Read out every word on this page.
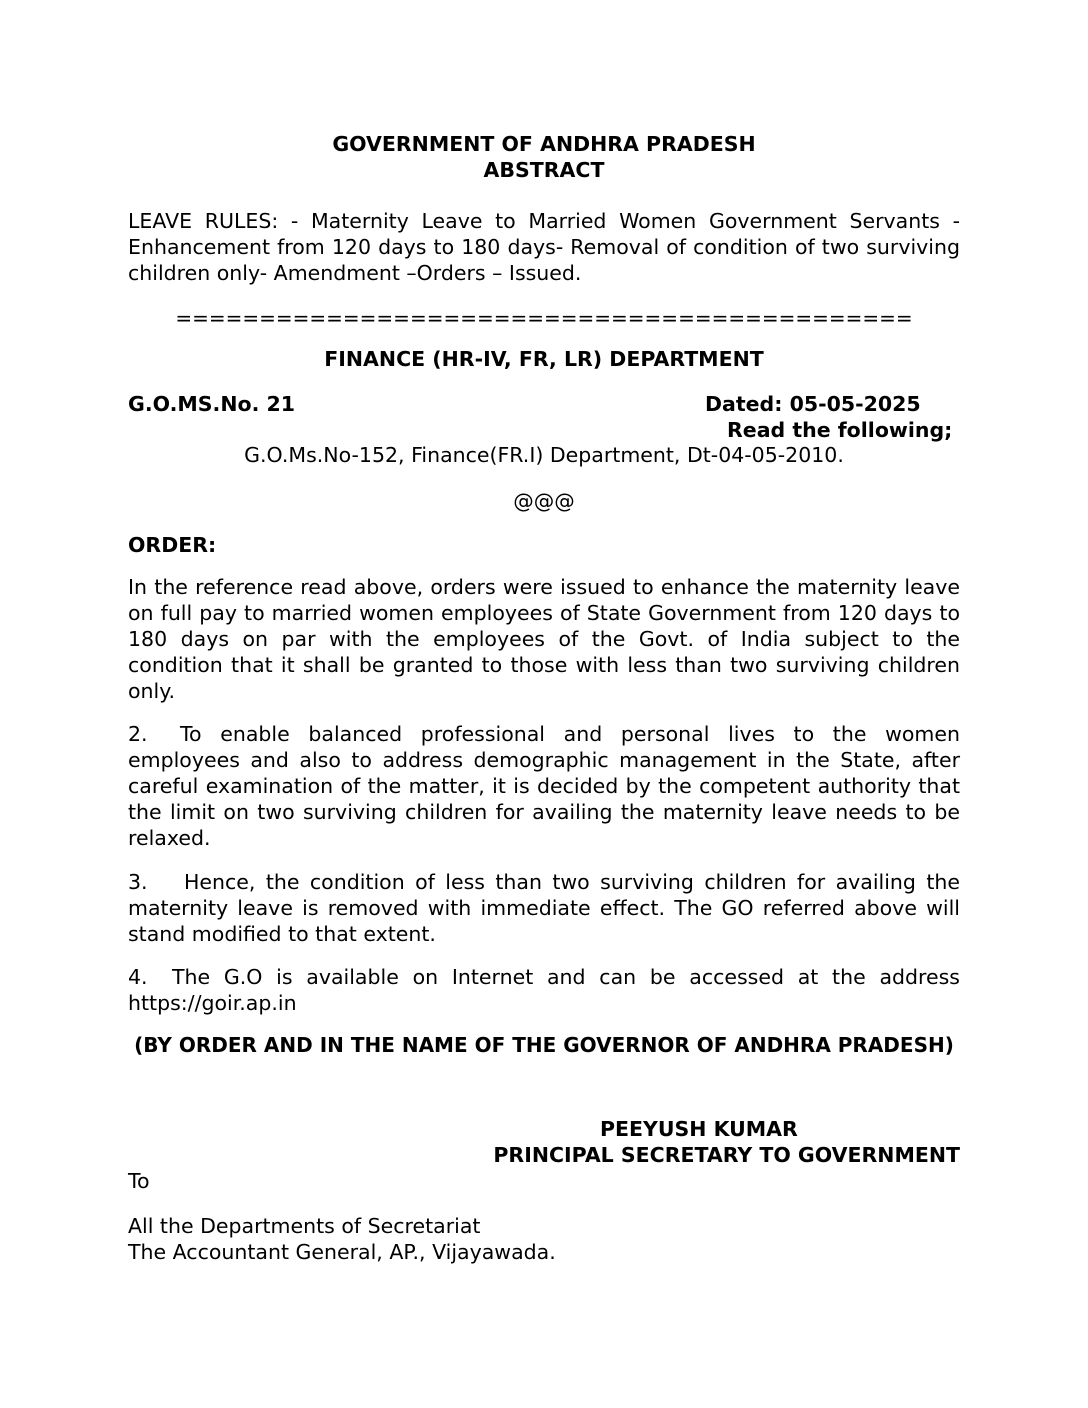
GOVERNMENT OF ANDHRA PRADESH
ABSTRACT
LEAVE RULES: - Maternity Leave to Married Women Government Servants - Enhancement from 120 days to 180 days- Removal of condition of two surviving children only- Amendment –Orders – Issued.
============================================
FINANCE (HR-IV, FR, LR) DEPARTMENT
G.O.MS.No. 21	Dated: 05-05-2025
Read the following;
G.O.Ms.No-152, Finance(FR.I) Department, Dt-04-05-2010.
@@@
ORDER:
In the reference read above, orders were issued to enhance the maternity leave on full pay to married women employees of State Government from 120 days to 180 days on par with the employees of the Govt. of India subject to the condition that it shall be granted to those with less than two surviving children only.
2. To enable balanced professional and personal lives to the women employees and also to address demographic management in the State, after careful examination of the matter, it is decided by the competent authority that the limit on two surviving children for availing the maternity leave needs to be relaxed.
3. Hence, the condition of less than two surviving children for availing the maternity leave is removed with immediate effect. The GO referred above will stand modified to that extent.
4. The G.O is available on Internet and can be accessed at the address https://goir.ap.in
(BY ORDER AND IN THE NAME OF THE GOVERNOR OF ANDHRA PRADESH)
PEEYUSH KUMAR
PRINCIPAL SECRETARY TO GOVERNMENT
To
All the Departments of Secretariat
The Accountant General, AP., Vijayawada.
